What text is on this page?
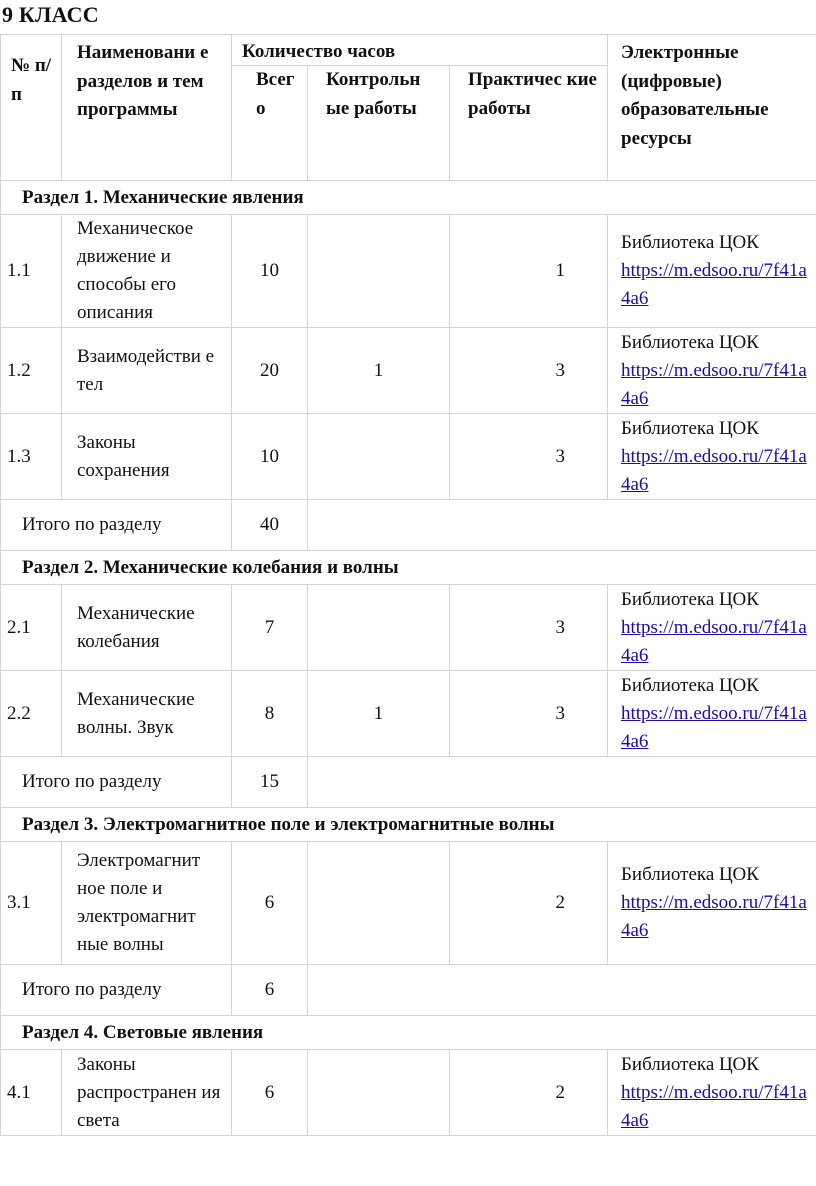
9 КЛАСС
№ п/ п	Наименовани е разделов и тем программы	Количество часов			Электронные (цифровые) образовательные ресурсы
		Всег о	Контрольн ые работы	Практичес кие работы	
Раздел 1. Механические явления					
1.1	Механическое движение и способы его описания	10		1	Библиотека ЦОК
https://m.edsoo.ru/7f41a4a6

1.2	Взаимодействи е тел	20	1	3	Библиотека ЦОК
https://m.edsoo.ru/7f41a4a6

1.3	Законы сохранения	10		3	Библиотека ЦОК
https://m.edsoo.ru/7f41a4a6

Итого по разделу		40			
Раздел 2. Механические колебания и волны					
2.1	Механические колебания	7		3	Библиотека ЦОК
https://m.edsoo.ru/7f41a4a6

2.2	Механические волны. Звук	8	1	3	Библиотека ЦОК
https://m.edsoo.ru/7f41a4a6

Итого по разделу		15			
Раздел 3. Электромагнитное поле и электромагнитные волны					
3.1	Электромагнит ное поле и электромагнит ные волны	6		2	Библиотека ЦОК
https://m.edsoo.ru/7f41a4a6

Итого по разделу		6			
Раздел 4. Световые явления					
4.1	Законы распространен ия света	6		2	Библиотека ЦОК
https://m.edsoo.ru/7f41a4a6
